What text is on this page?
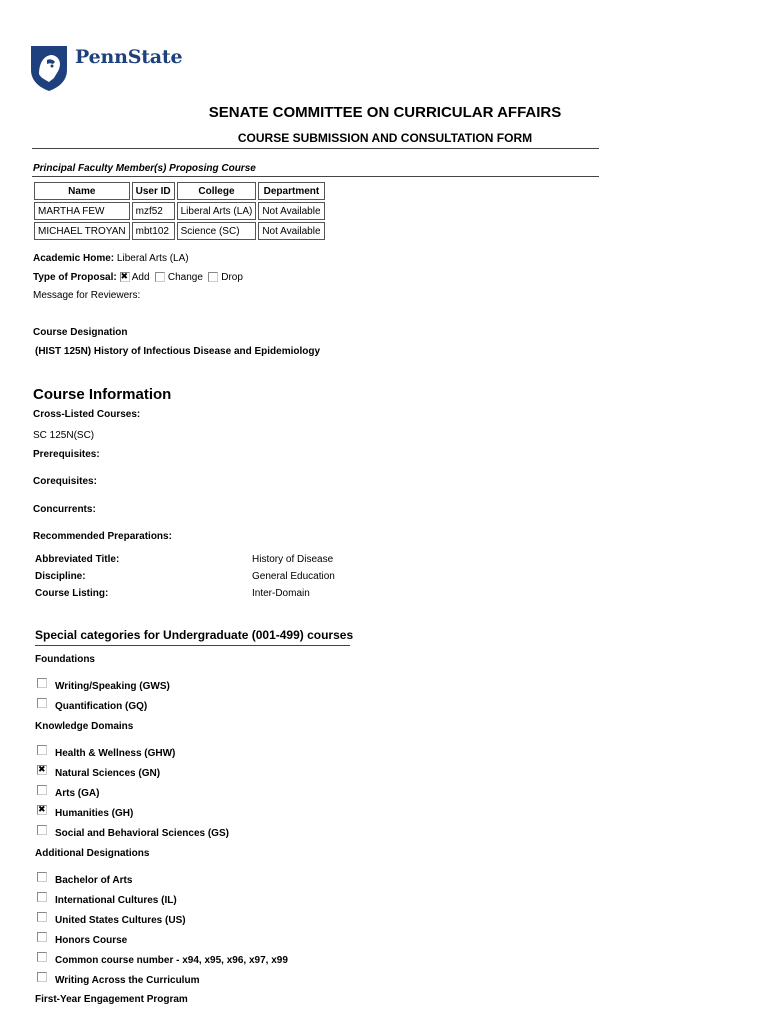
PennState
SENATE COMMITTEE ON CURRICULAR AFFAIRS
COURSE SUBMISSION AND CONSULTATION FORM
Principal Faculty Member(s) Proposing Course
Name	User ID	College	Department
MARTHA FEW	mzf52	Liberal Arts (LA)	Not Available
MICHAEL TROYAN	mbt102	Science (SC)	Not Available
Academic Home: Liberal Arts (LA)
Type of Proposal: ✖ Add Change Drop
Message for Reviewers:
Course Designation
(HIST 125N) History of Infectious Disease and Epidemiology
Course Information
Cross-Listed Courses:
SC 125N(SC)
Prerequisites:
Corequisites:
Concurrents:
Recommended Preparations:
Abbreviated Title:	History of Disease
Discipline:	General Education
Course Listing:	Inter-Domain
Special categories for Undergraduate (001-499) courses
Foundations
Writing/Speaking (GWS)
Quantification (GQ)
Knowledge Domains
Health & Wellness (GHW)
✖
Natural Sciences (GN)
Arts (GA)
✖
Humanities (GH)
Social and Behavioral Sciences (GS)
Additional Designations
Bachelor of Arts
International Cultures (IL)
United States Cultures (US)
Honors Course
Common course number - x94, x95, x96, x97, x99
Writing Across the Curriculum
First-Year Engagement Program
